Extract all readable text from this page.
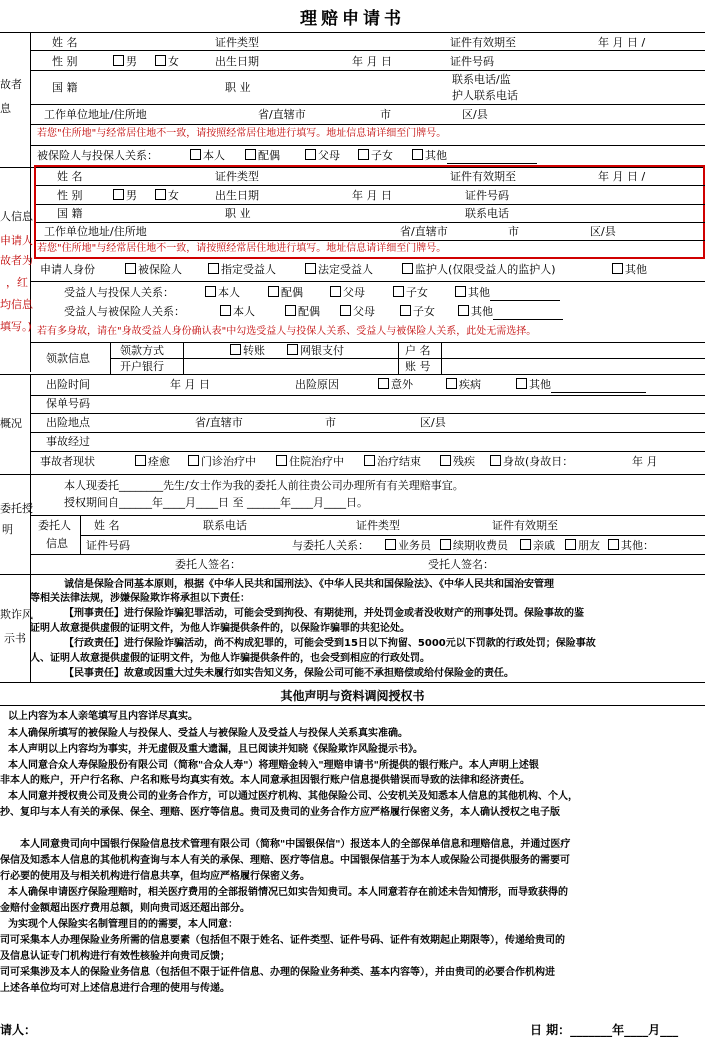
理赔申请书
故者
息
姓 名	证件类型	证件有效期至	年 月 日 /
性 别	男	女	出生日期	年 月 日	证件号码
国 籍	职 业
联系电话/监
护人联系电话
工作单位地址/住所地	省/直辖市	市	区/县
若您"住所地"与经常居住地不一致，请按照经常居住地进行填写。地址信息请详细至门牌号。
被保险人与投保人关系：	本人	配偶	父母	子女	其他
人信息
申请人
故者为
，红
均信息
填写。)
姓 名	证件类型	证件有效期至	年 月 日 /
性 别	男	女	出生日期	年 月 日	证件号码
国 籍	职 业	联系电话
工作单位地址/住所地	省/直辖市	市	区/县
若您"住所地"与经常居住地不一致，请按照经常居住地进行填写。地址信息请详细至门牌号。
申请人身份	被保险人	指定受益人	法定受益人	监护人(仅限受益人的监护人)	其他
受益人与投保人关系：	本人	配偶	父母	子女	其他
受益人与被保险人关系：	本人	配偶	父母	子女	其他
若有多身故，请在"身故受益人身份确认表"中勾选受益人与投保人关系、受益人与被保险人关系，此处无需选择。
领款信息
领款方式	转账	网银支付	户 名
开户银行	账 号
概况
出险时间	年 月 日	出险原因	意外	疾病	其他
保单号码
出险地点	省/直辖市	市	区/县
事故经过
事故者现状	痊愈	门诊治疗中	住院治疗中	治疗结束	残疾	身故(身故日：	年 月
委托授
明
本人现委托________先生/女士作为我的委托人前往贵公司办理所有有关理赔事宜。
授权期间自______年____月____日 至 ______年____月____日。
委托人
信息
姓 名	联系电话	证件类型	证件有效期至
证件号码	与委托人关系：	业务员	续期收费员	亲戚	朋友	其他：
委托人签名：	受托人签名：
欺诈风
示书
诚信是保险合同基本原则，根据《中华人民共和国刑法》、《中华人民共和国保险法》、《中华人民共和国治安管理
等相关法律法规，涉嫌保险欺诈将承担以下责任：
【刑事责任】进行保险诈骗犯罪活动，可能会受到拘役、有期徒刑，并处罚金或者没收财产的刑事处罚。保险事故的鉴
证明人故意提供虚假的证明文件，为他人诈骗提供条件的，以保险诈骗罪的共犯论处。
【行政责任】进行保险诈骗活动，尚不构成犯罪的，可能会受到15日以下拘留、5000元以下罚款的行政处罚；保险事故
人、证明人故意提供虚假的证明文件，为他人诈骗提供条件的，也会受到相应的行政处罚。
【民事责任】故意或因重大过失未履行如实告知义务，保险公司可能不承担赔偿或给付保险金的责任。
其他声明与资料调阅授权书
以上内容为本人亲笔填写且内容详尽真实。
本人确保所填写的被保险人与投保人、受益人与被保险人及受益人与投保人关系真实准确。
本人声明以上内容均为事实，并无虚假及重大遗漏，且已阅读并知晓《保险欺诈风险提示书》。
本人同意合众人寿保险股份有限公司（简称"合众人寿"）将理赔金转入"理赔申请书"所提供的银行账户。本人声明上述银
非本人的账户，开户行名称、户名和账号均真实有效。本人同意承担因银行账户信息提供错误而导致的法律和经济责任。
本人同意并授权贵公司及贵公司的业务合作方，可以通过医疗机构、其他保险公司、公安机关及知悉本人信息的其他机构、个人，
抄、复印与本人有关的承保、保全、理赔、医疗等信息。贵司及贵司的业务合作方应严格履行保密义务，本人确认授权之电子版
本人同意贵司向中国银行保险信息技术管理有限公司（简称"中国银保信"）报送本人的全部保单信息和理赔信息，并通过医疗
保信及知悉本人信息的其他机构查询与本人有关的承保、理赔、医疗等信息。中国银保信基于为本人或保险公司提供服务的需要可
行必要的使用及与相关机构进行信息共享，但均应严格履行保密义务。
本人确保申请医疗保险理赔时，相关医疗费用的全部报销情况已如实告知贵司。本人同意若存在前述未告知情形，而导致获得的
金赔付金额超出医疗费用总额，则向贵司返还超出部分。
为实现个人保险实名制管理目的的需要，本人同意：
司可采集本人办理保险业务所需的信息要素（包括但不限于姓名、证件类型、证件号码、证件有效期起止期限等），传递给贵司的
及信息认证专门机构进行有效性核验并向贵司反馈；
司可采集涉及本人的保险业务信息（包括但不限于证件信息、办理的保险业务种类、基本内容等），并由贵司的必要合作机构进
上述各单位均可对上述信息进行合理的使用与传递。
请人：	日 期：_______年____月___
